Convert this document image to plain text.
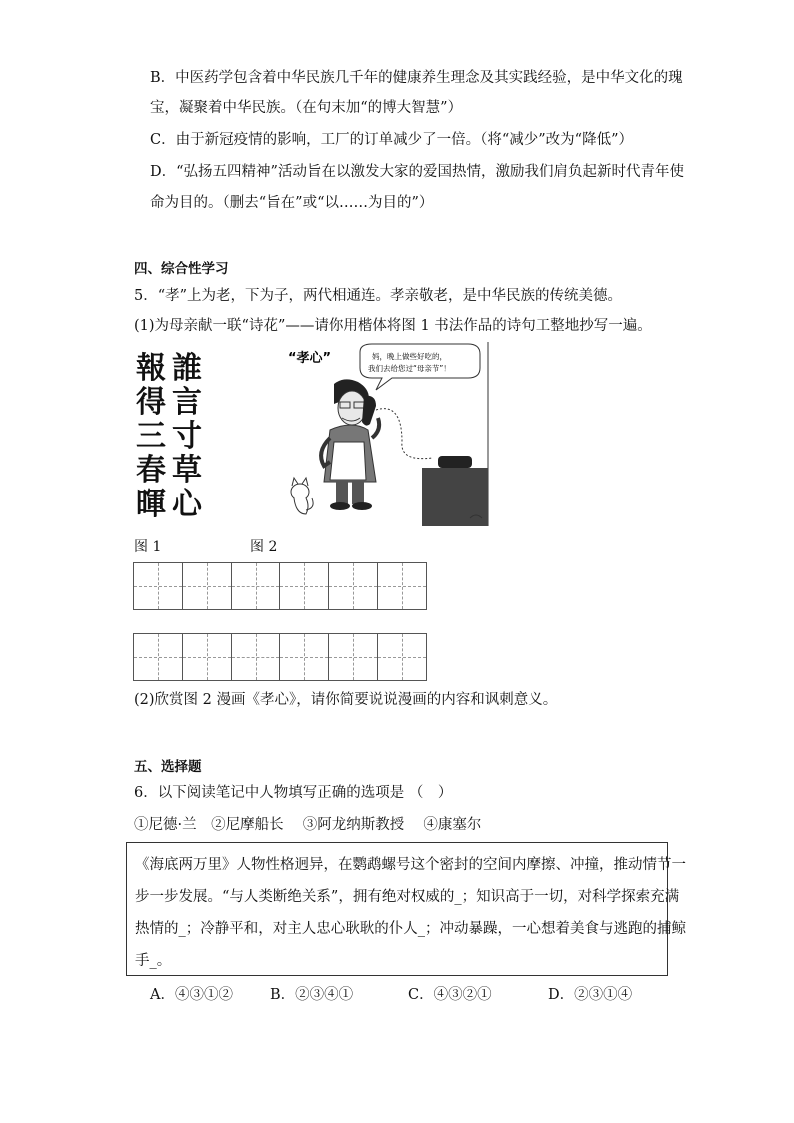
B．中医药学包含着中华民族几千年的健康养生理念及其实践经验，是中华文化的瑰
宝，凝聚着中华民族。（在句末加“的博大智慧”）
C．由于新冠疫情的影响，工厂的订单减少了一倍。（将“减少”改为“降低”）
D．“弘扬五四精神”活动旨在以激发大家的爱国热情，激励我们肩负起新时代青年使
命为目的。（删去“旨在”或“以……为目的”）
四、综合性学习
5．“孝”上为老，下为子，两代相通连。孝亲敬老，是中华民族的传统美德。
(1)为母亲献一联“诗花”——请你用楷体将图 1 书法作品的诗句工整地抄写一遍。
報 誰
得 言
三 寸
春 草
暉 心
“孝心”	妈，晚上做些好吃的，
我们去给您过“母亲节”！
图 1	图 2
(2)欣赏图 2 漫画《孝心》，请你简要说说漫画的内容和讽刺意义。
五、选择题
6．以下阅读笔记中人物填写正确的选项是 （　）
①尼德·兰　②尼摩船长　 ③阿龙纳斯教授　 ④康塞尔
《海底两万里》人物性格迥异，在鹦鹉螺号这个密封的空间内摩擦、冲撞，推动情节一
步一步发展。“与人类断绝关系”，拥有绝对权威的_；知识高于一切，对科学探索充满
热情的_；冷静平和，对主人忠心耿耿的仆人_；冲动暴躁，一心想着美食与逃跑的捕鲸
手_。
A．④③①②	B．②③④①	C．④③②①	D．②③①④
